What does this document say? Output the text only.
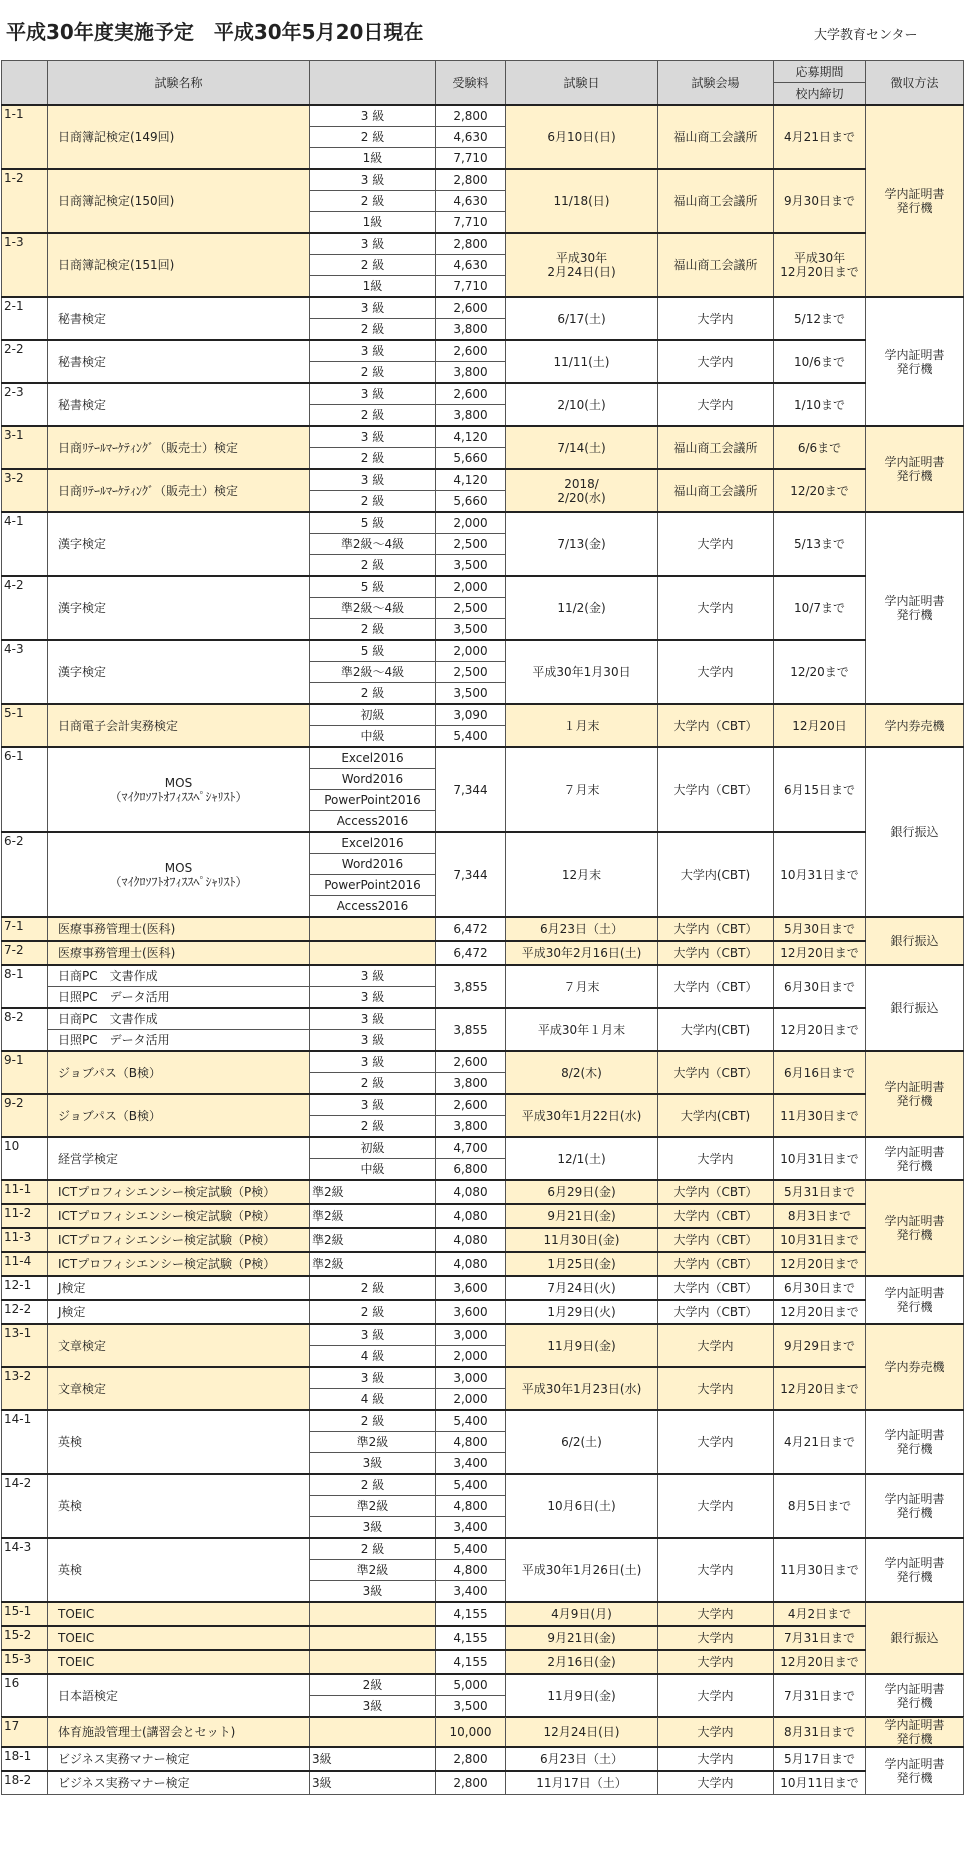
平成30年度実施予定　平成30年5月20日現在	大学教育センター
	試験名称		受験料	試験日	試験会場	応募期間	徴収方法
						校内締切	
1-1	日商簿記検定(149回)	3 級	2,800	6月10日(日)	福山商工会議所	4月21日まで	学内証明書
発行機
		2 級	4,630				
		1級	7,710				
1-2	日商簿記検定(150回)	3 級	2,800	11/18(日)	福山商工会議所	9月30日まで	
		2 級	4,630				
		1級	7,710				
1-3	日商簿記検定(151回)	3 級	2,800	平成30年
2月24日(日)	福山商工会議所	平成30年
12月20日まで	
		2 級	4,630				
		1級	7,710				
2-1	秘書検定	3 級	2,600	6/17(土)	大学内	5/12まで	学内証明書
発行機
		2 級	3,800				
2-2	秘書検定	3 級	2,600	11/11(土)	大学内	10/6まで	
		2 級	3,800				
2-3	秘書検定	3 級	2,600	2/10(土)	大学内	1/10まで	
		2 級	3,800				
3-1	日商ﾘﾃｰﾙﾏｰｹﾃｨﾝｸﾞ（販売士）検定	3 級	4,120	7/14(土)	福山商工会議所	6/6まで	学内証明書
発行機
		2 級	5,660				
3-2	日商ﾘﾃｰﾙﾏｰｹﾃｨﾝｸﾞ（販売士）検定	3 級	4,120	2018/
2/20(水)	福山商工会議所	12/20まで	
		2 級	5,660				
4-1	漢字検定	5 級	2,000	7/13(金)	大学内	5/13まで	学内証明書
発行機
		準2級～4級	2,500				
		2 級	3,500				
4-2	漢字検定	5 級	2,000	11/2(金)	大学内	10/7まで	
		準2級～4級	2,500				
		2 級	3,500				
4-3	漢字検定	5 級	2,000	平成30年1月30日	大学内	12/20まで	
		準2級～4級	2,500				
		2 級	3,500				
5-1	日商電子会計実務検定	初級	3,090	１月末	大学内（CBT）	12月20日	学内券売機
		中級	5,400				
6-1	MOS
（ﾏｲｸﾛｿﾌﾄｵﾌｨｽｽﾍﾟｼｬﾘｽﾄ）	Excel2016	7,344	７月末	大学内（CBT）	6月15日まで	銀行振込
		Word2016					
		PowerPoint2016					
		Access2016					
6-2	MOS
（ﾏｲｸﾛｿﾌﾄｵﾌｨｽｽﾍﾟｼｬﾘｽﾄ）	Excel2016	7,344	12月末	大学内(CBT)	10月31日まで	
		Word2016					
		PowerPoint2016					
		Access2016					
7-1	医療事務管理士(医科)		6,472	6月23日（土）	大学内（CBT）	5月30日まで	銀行振込
7-2	医療事務管理士(医科)		6,472	平成30年2月16日(土)	大学内（CBT）	12月20日まで	
8-1	日商PC　文書作成	3 級	3,855	７月末	大学内（CBT）	6月30日まで	銀行振込
	日照PC　データ活用	3 級					
8-2	日商PC　文書作成	3 級	3,855	平成30年１月末	大学内(CBT)	12月20日まで	
	日照PC　データ活用	3 級					
9-1	ジョブパス（B検）	3 級	2,600	8/2(木)	大学内（CBT）	6月16日まで	学内証明書
発行機
		2 級	3,800				
9-2	ジョブパス（B検）	3 級	2,600	平成30年1月22日(水)	大学内(CBT)	11月30日まで	
		2 級	3,800				
10	経営学検定	初級	4,700	12/1(土)	大学内	10月31日まで	学内証明書
発行機
		中級	6,800				
11-1	ICTプロフィシエンシー検定試験（P検）	準2級	4,080	6月29日(金)	大学内（CBT）	5月31日まで	学内証明書
発行機
11-2	ICTプロフィシエンシー検定試験（P検）	準2級	4,080	9月21日(金)	大学内（CBT）	8月3日まで	
11-3	ICTプロフィシエンシー検定試験（P検）	準2級	4,080	11月30日(金)	大学内（CBT）	10月31日まで	
11-4	ICTプロフィシエンシー検定試験（P検）	準2級	4,080	1月25日(金)	大学内（CBT）	12月20日まで	
12-1	J検定	2 級	3,600	7月24日(火)	大学内（CBT）	6月30日まで	学内証明書
発行機
12-2	J検定	2 級	3,600	1月29日(火)	大学内（CBT）	12月20日まで	
13-1	文章検定	3 級	3,000	11月9日(金)	大学内	9月29日まで	学内券売機
		4 級	2,000				
13-2	文章検定	3 級	3,000	平成30年1月23日(水)	大学内	12月20日まで	
		4 級	2,000				
14-1	英検	2 級	5,400	6/2(土)	大学内	4月21日まで	学内証明書
発行機
		準2級	4,800				
		3級	3,400				
14-2	英検	2 級	5,400	10月6日(土)	大学内	8月5日まで	学内証明書
発行機
		準2級	4,800				
		3級	3,400				
14-3	英検	2 級	5,400	平成30年1月26日(土)	大学内	11月30日まで	学内証明書
発行機
		準2級	4,800				
		3級	3,400				
15-1	TOEIC		4,155	4月9日(月)	大学内	4月2日まで	銀行振込
15-2	TOEIC		4,155	9月21日(金)	大学内	7月31日まで	
15-3	TOEIC		4,155	2月16日(金)	大学内	12月20日まで	
16	日本語検定	2級	5,000	11月9日(金)	大学内	7月31日まで	学内証明書
発行機
		3級	3,500				
17	体育施設管理士(講習会とセット)		10,000	12月24日(日)	大学内	8月31日まで	学内証明書
発行機

18-1	ビジネス実務マナー検定	3級	2,800	6月23日（土）	大学内	5月17日まで	学内証明書
発行機
18-2	ビジネス実務マナー検定	3級	2,800	11月17日（土）	大学内	10月11日まで	
